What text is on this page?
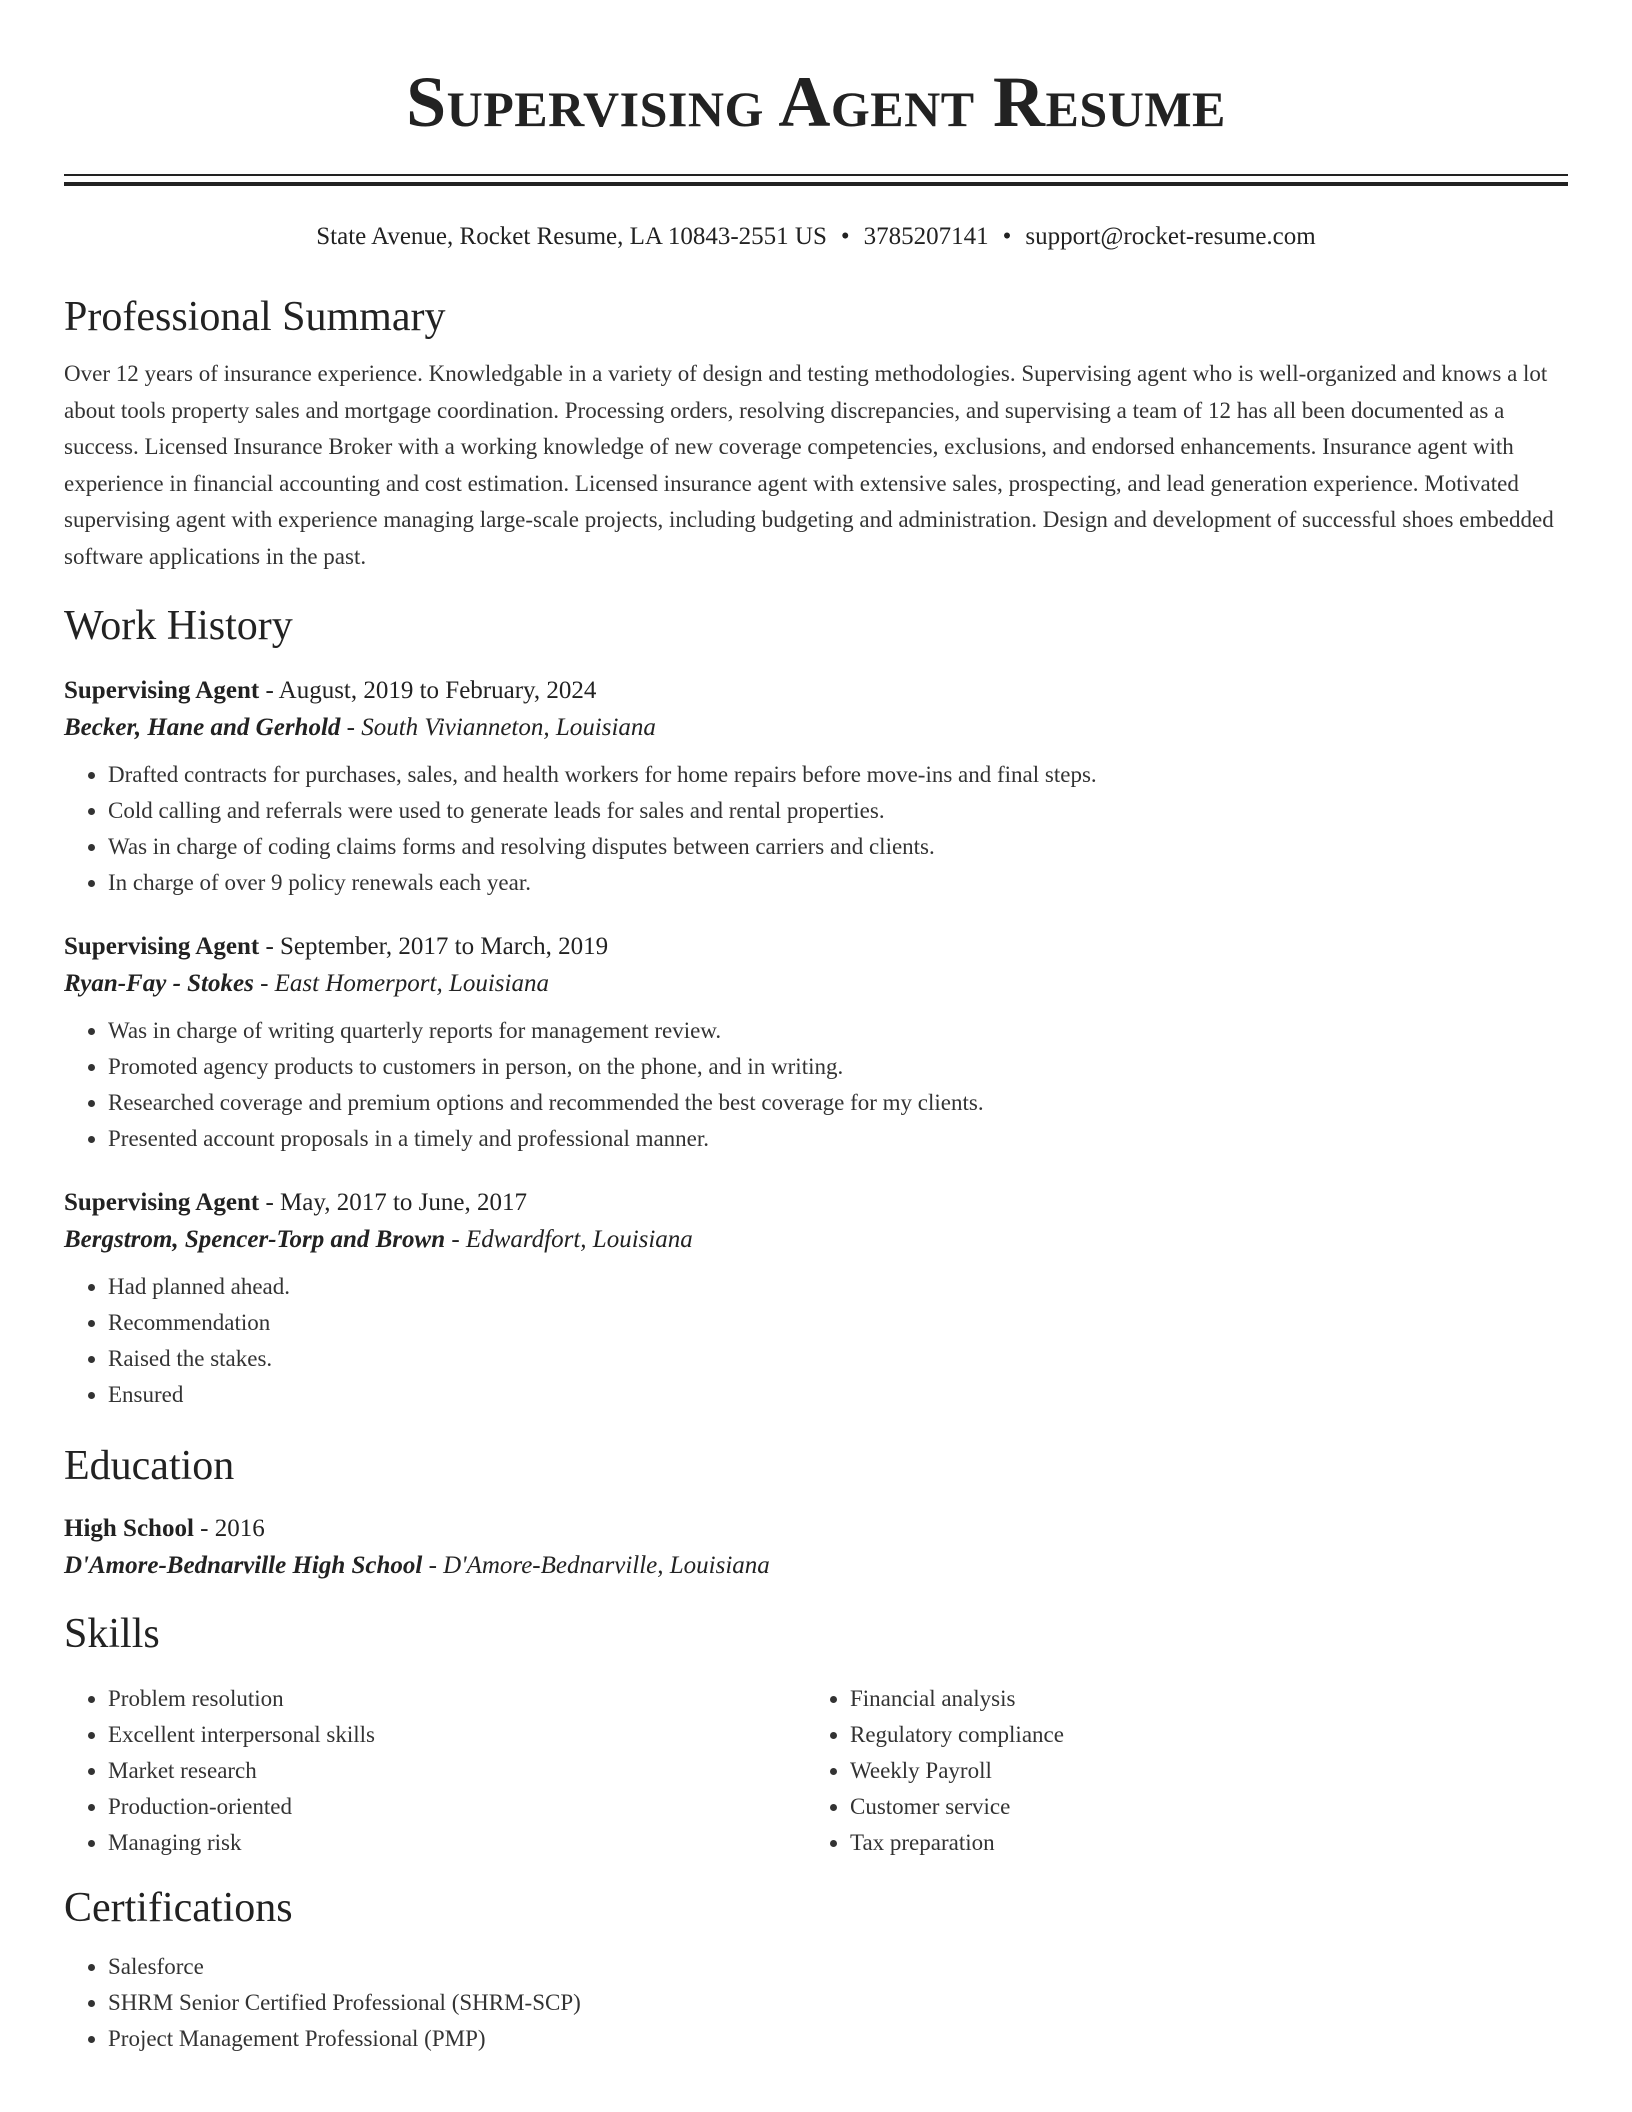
Supervising Agent Resume
State Avenue, Rocket Resume, LA 10843-2551 US • 3785207141 • support@rocket-resume.com
Professional Summary

Over 12 years of insurance experience. Knowledgable in a variety of design and testing methodologies. Supervising agent who is well-organized and knows a lot about tools property sales and mortgage coordination. Processing orders, resolving discrepancies, and supervising a team of 12 has all been documented as a success. Licensed Insurance Broker with a working knowledge of new coverage competencies, exclusions, and endorsed enhancements. Insurance agent with experience in financial accounting and cost estimation. Licensed insurance agent with extensive sales, prospecting, and lead generation experience. Motivated supervising agent with experience managing large-scale projects, including budgeting and administration. Design and development of successful shoes embedded software applications in the past.

Work History
Supervising Agent - August, 2019 to February, 2024
Becker, Hane and Gerhold - South Vivianneton, Louisiana
• Drafted contracts for purchases, sales, and health workers for home repairs before move-ins and final steps.
• Cold calling and referrals were used to generate leads for sales and rental properties.
• Was in charge of coding claims forms and resolving disputes between carriers and clients.
• In charge of over 9 policy renewals each year.
Supervising Agent - September, 2017 to March, 2019
Ryan-Fay - Stokes - East Homerport, Louisiana
• Was in charge of writing quarterly reports for management review.
• Promoted agency products to customers in person, on the phone, and in writing.
• Researched coverage and premium options and recommended the best coverage for my clients.
• Presented account proposals in a timely and professional manner.
Supervising Agent - May, 2017 to June, 2017
Bergstrom, Spencer-Torp and Brown - Edwardfort, Louisiana
• Had planned ahead.
• Recommendation
• Raised the stakes.
• Ensured
Education
High School - 2016
D'Amore-Bednarville High School - D'Amore-Bednarville, Louisiana
Skills
• Problem resolution
• Excellent interpersonal skills
• Market research
• Production-oriented
• Managing risk
• Financial analysis
• Regulatory compliance
• Weekly Payroll
• Customer service
• Tax preparation
Certifications
• Salesforce
• SHRM Senior Certified Professional (SHRM-SCP)
• Project Management Professional (PMP)
